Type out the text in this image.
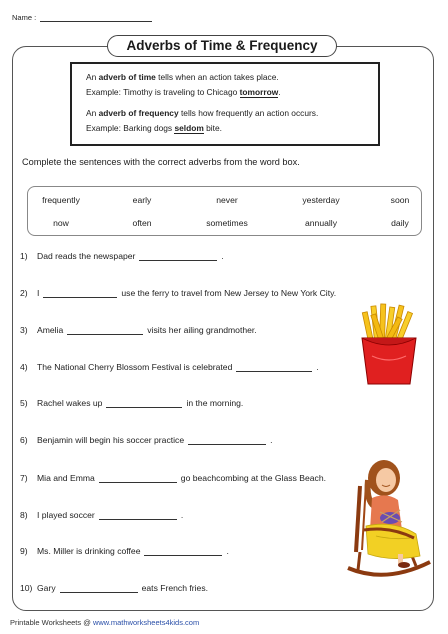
Name :
Adverbs of Time & Frequency
An adverb of time tells when an action takes place.
Example: Timothy is traveling to Chicago tomorrow.
An adverb of frequency tells how frequently an action occurs.
Example: Barking dogs seldom bite.
Complete the sentences with the correct adverbs from the word box.
frequently	early	never	yesterday	soon
now	often	sometimes	annually	daily
1)	Dad reads the newspaper	.
2)	I	use the ferry to travel from New Jersey to New York City.
3)	Amelia	visits her ailing grandmother.
4)	The National Cherry Blossom Festival is celebrated	.
5)	Rachel wakes up	in the morning.
6)	Benjamin will begin his soccer practice	.
7)	Mia and Emma	go beachcombing at the Glass Beach.
8)	I played soccer	.
9)	Ms. Miller is drinking coffee	.
10) Gary	eats French fries.
Printable Worksheets @ www.mathworksheets4kids.com
